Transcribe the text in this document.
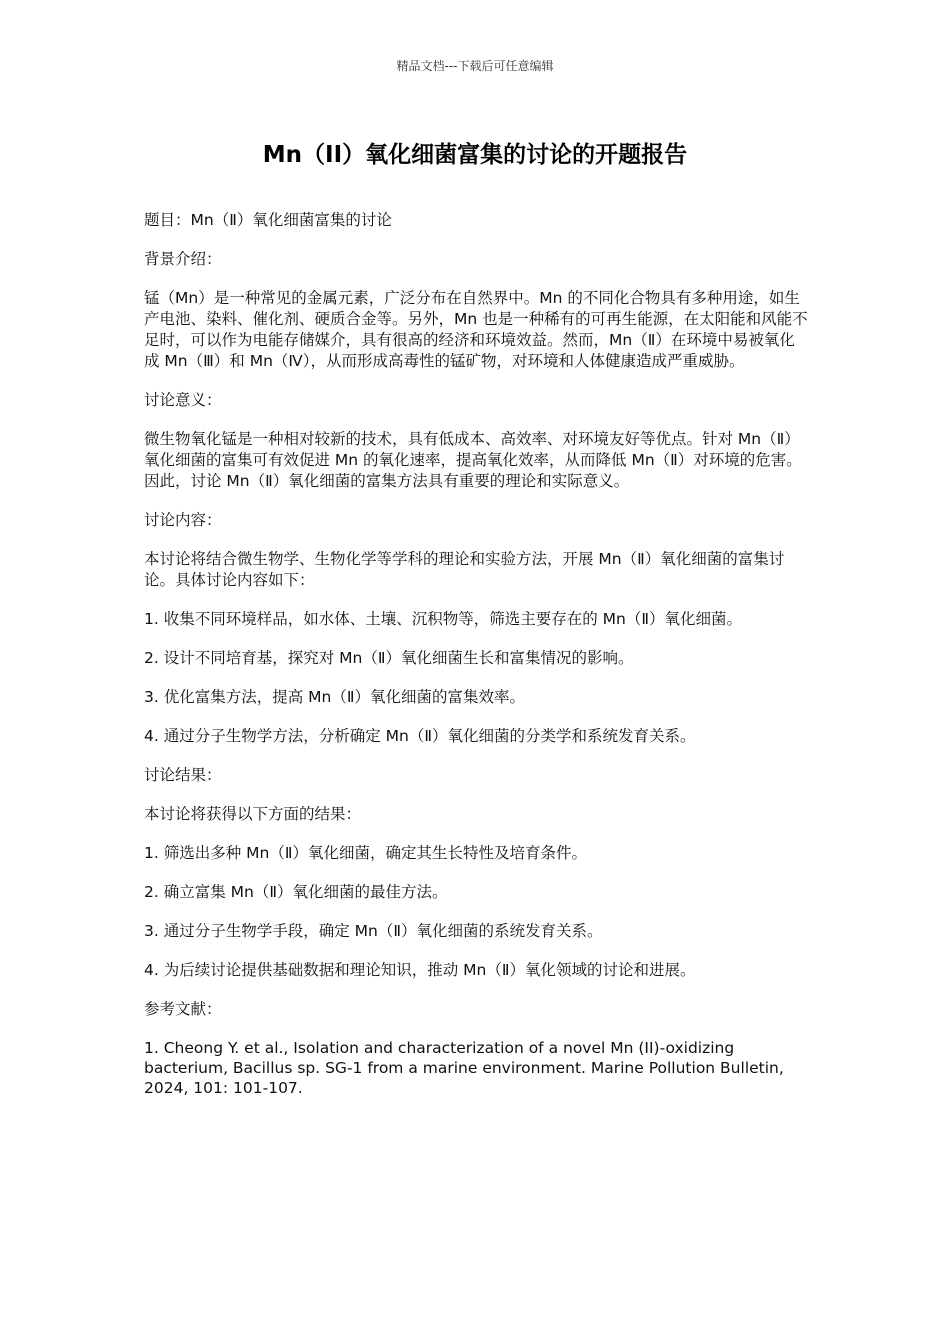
精品文档---下载后可任意编辑
Mn（II）氧化细菌富集的讨论的开题报告

题目：Mn（Ⅱ）氧化细菌富集的讨论

背景介绍：

锰（Mn）是一种常见的金属元素，广泛分布在自然界中。Mn 的不同化合物具有多种用途，如生产电池、染料、催化剂、硬质合金等。另外，Mn 也是一种稀有的可再生能源，在太阳能和风能不足时，可以作为电能存储媒介，具有很高的经济和环境效益。然而，Mn（Ⅱ）在环境中易被氧化成 Mn（Ⅲ）和 Mn（Ⅳ），从而形成高毒性的锰矿物，对环境和人体健康造成严重威胁。

讨论意义：

微生物氧化锰是一种相对较新的技术，具有低成本、高效率、对环境友好等优点。针对 Mn（Ⅱ）氧化细菌的富集可有效促进 Mn 的氧化速率，提高氧化效率，从而降低 Mn（Ⅱ）对环境的危害。因此，讨论 Mn（Ⅱ）氧化细菌的富集方法具有重要的理论和实际意义。

讨论内容：

本讨论将结合微生物学、生物化学等学科的理论和实验方法，开展 Mn（Ⅱ）氧化细菌的富集讨论。具体讨论内容如下：

1. 收集不同环境样品，如水体、土壤、沉积物等，筛选主要存在的 Mn（Ⅱ）氧化细菌。

2. 设计不同培育基，探究对 Mn（Ⅱ）氧化细菌生长和富集情况的影响。

3. 优化富集方法，提高 Mn（Ⅱ）氧化细菌的富集效率。

4. 通过分子生物学方法，分析确定 Mn（Ⅱ）氧化细菌的分类学和系统发育关系。

讨论结果：

本讨论将获得以下方面的结果：

1. 筛选出多种 Mn（Ⅱ）氧化细菌，确定其生长特性及培育条件。

2. 确立富集 Mn（Ⅱ）氧化细菌的最佳方法。

3. 通过分子生物学手段，确定 Mn（Ⅱ）氧化细菌的系统发育关系。

4. 为后续讨论提供基础数据和理论知识，推动 Mn（Ⅱ）氧化领域的讨论和进展。

参考文献：

1. Cheong Y. et al., Isolation and characterization of a novel Mn (II)-oxidizing bacterium, Bacillus sp. SG-1 from a marine environment. Marine Pollution Bulletin, 2024, 101: 101-107.
